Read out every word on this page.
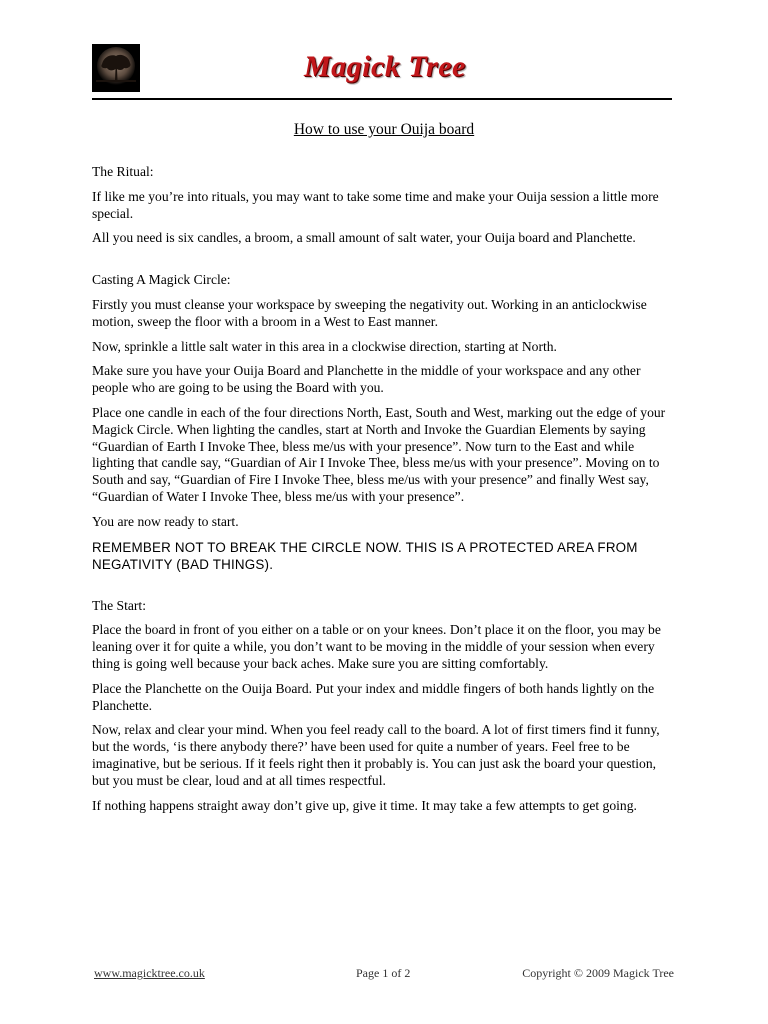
Magick Tree
How to use your Ouija board

The Ritual:

If like me you’re into rituals, you may want to take some time and make your Ouija session a little more special.

All you need is six candles, a broom, a small amount of salt water, your Ouija board and Planchette.

Casting A Magick Circle:

Firstly you must cleanse your workspace by sweeping the negativity out. Working in an anticlockwise motion, sweep the floor with a broom in a West to East manner.

Now, sprinkle a little salt water in this area in a clockwise direction, starting at North.

Make sure you have your Ouija Board and Planchette in the middle of your workspace and any other people who are going to be using the Board with you.

Place one candle in each of the four directions North, East, South and West, marking out the edge of your Magick Circle. When lighting the candles, start at North and Invoke the Guardian Elements by saying “Guardian of Earth I Invoke Thee, bless me/us with your presence”. Now turn to the East and while lighting that candle say, “Guardian of Air I Invoke Thee, bless me/us with your presence”. Moving on to South and say, “Guardian of Fire I Invoke Thee, bless me/us with your presence” and finally West say, “Guardian of Water I Invoke Thee, bless me/us with your presence”.

You are now ready to start.

REMEMBER NOT TO BREAK THE CIRCLE NOW. THIS IS A PROTECTED AREA FROM NEGATIVITY (BAD THINGS).

The Start:

Place the board in front of you either on a table or on your knees. Don’t place it on the floor, you may be leaning over it for quite a while, you don’t want to be moving in the middle of your session when every thing is going well because your back aches. Make sure you are sitting comfortably.

Place the Planchette on the Ouija Board. Put your index and middle fingers of both hands lightly on the Planchette.

Now, relax and clear your mind. When you feel ready call to the board. A lot of first timers find it funny, but the words, ‘is there anybody there?’ have been used for quite a number of years. Feel free to be imaginative, but be serious. If it feels right then it probably is. You can just ask the board your question, but you must be clear, loud and at all times respectful.

If nothing happens straight away don’t give up, give it time. It may take a few attempts to get going.

www.magicktree.co.uk	Page 1 of 2	Copyright © 2009 Magick Tree
